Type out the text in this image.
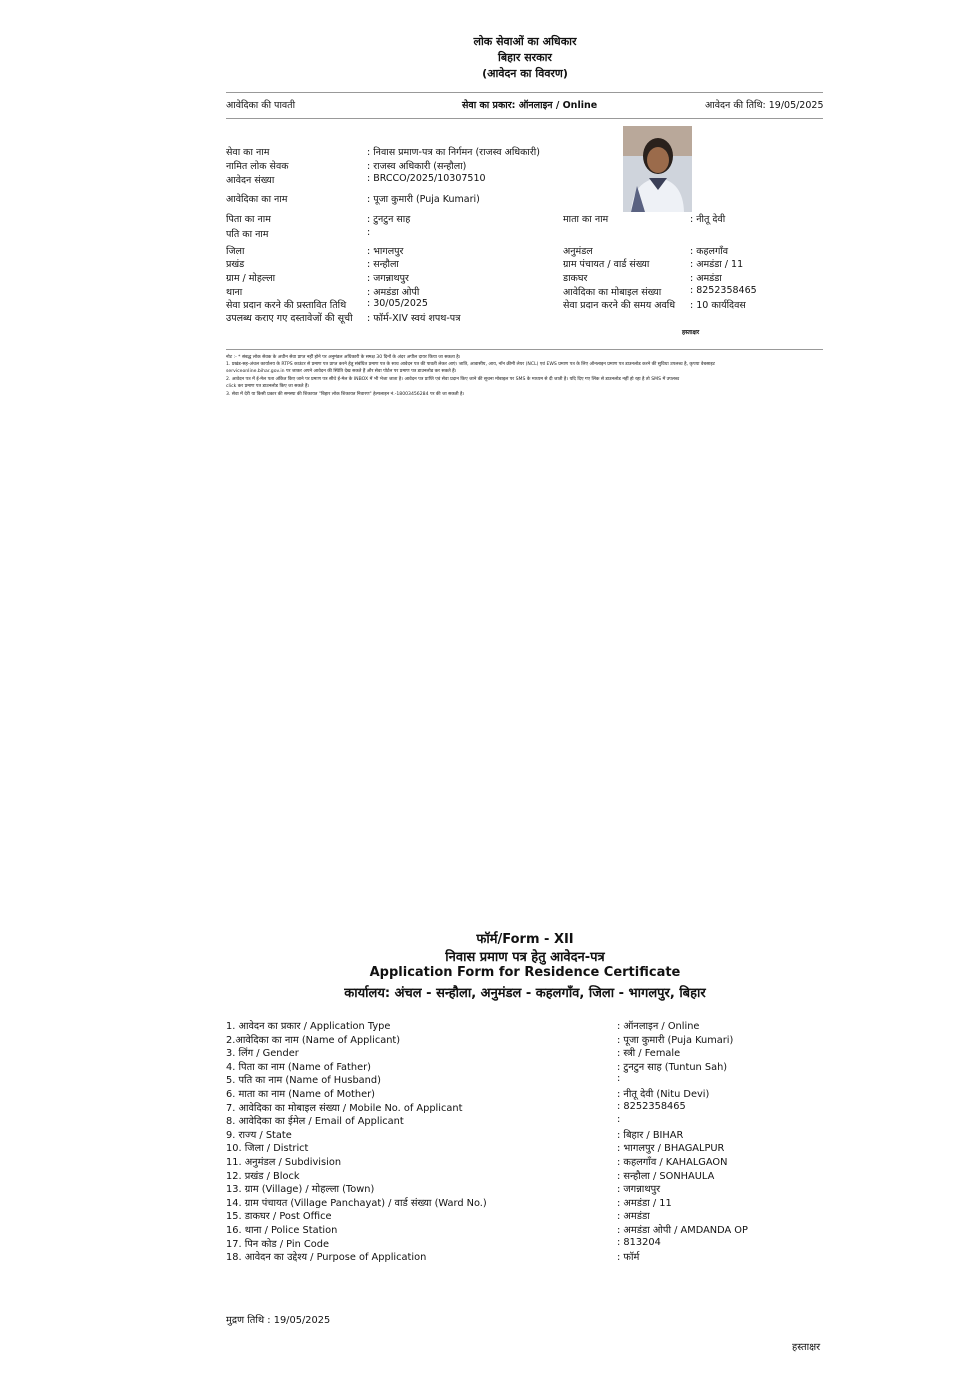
लोक सेवाओं का अधिकार
बिहार सरकार
(आवेदन का विवरण)
आवेदिका की पावती	सेवा का प्रकार: ऑनलाइन / Online	आवेदन की तिथि: 19/05/2025
सेवा का नाम	: निवास प्रमाण-पत्र का निर्गमन (राजस्व अधिकारी)
नामित लोक सेवक	: राजस्व अधिकारी (सन्हौला)
आवेदन संख्या	: BRCCO/2025/10307510
आवेदिका का नाम	: पूजा कुमारी (Puja Kumari)
पिता का नाम	: टुनटुन साह
पति का नाम	:
जिला	: भागलपुर
प्रखंड	: सन्हौला
ग्राम / मोहल्ला	: जगन्नाथपुर
थाना	: अमडंडा ओपी
सेवा प्रदान करने की प्रस्तावित तिथि : 30/05/2025
उपलब्ध कराए गए दस्तावेजों की सूची : फॉर्म-XIV स्वयं शपथ-पत्र
माता का नाम	: नीतू देवी
अनुमंडल	: कहलगाँव
ग्राम पंचायत / वार्ड संख्या	: अमडंडा / 11
डाकघर	: अमडंडा
आवेदिका का मोबाइल संख्या	: 8252358465
सेवा प्रदान करने की समय अवधि : 10 कार्यदिवस
हस्ताक्षर
नोट :- * संबद्ध लोक सेवक के अधीन सेवा प्राप्त नहीं होने पर अनुमंडल अधिकारी के समक्ष 30 दिनों के अंदर अपील दायर किया जा सकता है।
1. प्रखंड-सह-अंचल कार्यालय के RTPS काउंटर से प्रमाण पत्र प्राप्त करने हेतु संबंधित प्रमाण पत्र के साथ आवेदन पत्र की पावती लेकर आएं। जाति, आवासीय, आय, नॉन क्रीमी लेयर (NCL) एवं EWS प्रमाण पत्र के लिए ऑनलाइन प्रमाण पत्र डाउनलोड करने की सुविधा उपलब्ध है, कृपया वेबसाइट
serviceonline.bihar.gov.in पर जाकर अपने आवेदन की स्थिति देख सकते हैं और सेवा पोर्टल पर प्रमाण पत्र डाउनलोड कर सकते हैं।
2. आवेदन पत्र में ई-मेल पता अंकित किए जाने पर प्रमाण पत्र सीधे ई-मेल के INBOX में भी भेजा जाता है। आवेदन पत्र प्राप्ति एवं सेवा प्रदान किए जाने की सूचना मोबाइल पर SMS के माध्यम से दी जाती है। यदि दिए गए लिंक से डाउनलोड नहीं हो रहा है तो SMS में उपलब्ध
click कर प्रमाण पत्र डाउनलोड किए जा सकते हैं।
3. सेवा में देरी या किसी प्रकार की समस्या की शिकायत "बिहार लोक शिकायत निवारण" हेल्पलाइन नं.-18003456284 पर की जा सकती है।
फॉर्म/Form - XII
निवास प्रमाण पत्र हेतु आवेदन-पत्र
Application Form for Residence Certificate
कार्यालय: अंचल - सन्हौला, अनुमंडल - कहलगाँव, जिला - भागलपुर, बिहार
1. आवेदन का प्रकार / Application Type	: ऑनलाइन / Online
2.आवेदिका का नाम (Name of Applicant)	: पूजा कुमारी (Puja Kumari)
3. लिंग / Gender	: स्त्री / Female
4. पिता का नाम (Name of Father)	: टुनटुन साह (Tuntun Sah)
5. पति का नाम (Name of Husband)	:
6. माता का नाम (Name of Mother)	: नीतू देवी (Nitu Devi)
7. आवेदिका का मोबाइल संख्या / Mobile No. of Applicant	: 8252358465
8. आवेदिका का ईमेल / Email of Applicant	:
9. राज्य / State	: बिहार / BIHAR
10. जिला / District	: भागलपुर / BHAGALPUR
11. अनुमंडल / Subdivision	: कहलगाँव / KAHALGAON
12. प्रखंड / Block	: सन्हौला / SONHAULA
13. ग्राम (Village) / मोहल्ला (Town)	: जगन्नाथपुर
14. ग्राम पंचायत (Village Panchayat) / वार्ड संख्या (Ward No.)	: अमडंडा / 11
15. डाकघर / Post Office	: अमडंडा
16. थाना / Police Station	: अमडंडा ओपी / AMDANDA OP
17. पिन कोड / Pin Code	: 813204
18. आवेदन का उद्देश्य / Purpose of Application	: फॉर्म
मुद्रण तिथि : 19/05/2025
हस्ताक्षर
